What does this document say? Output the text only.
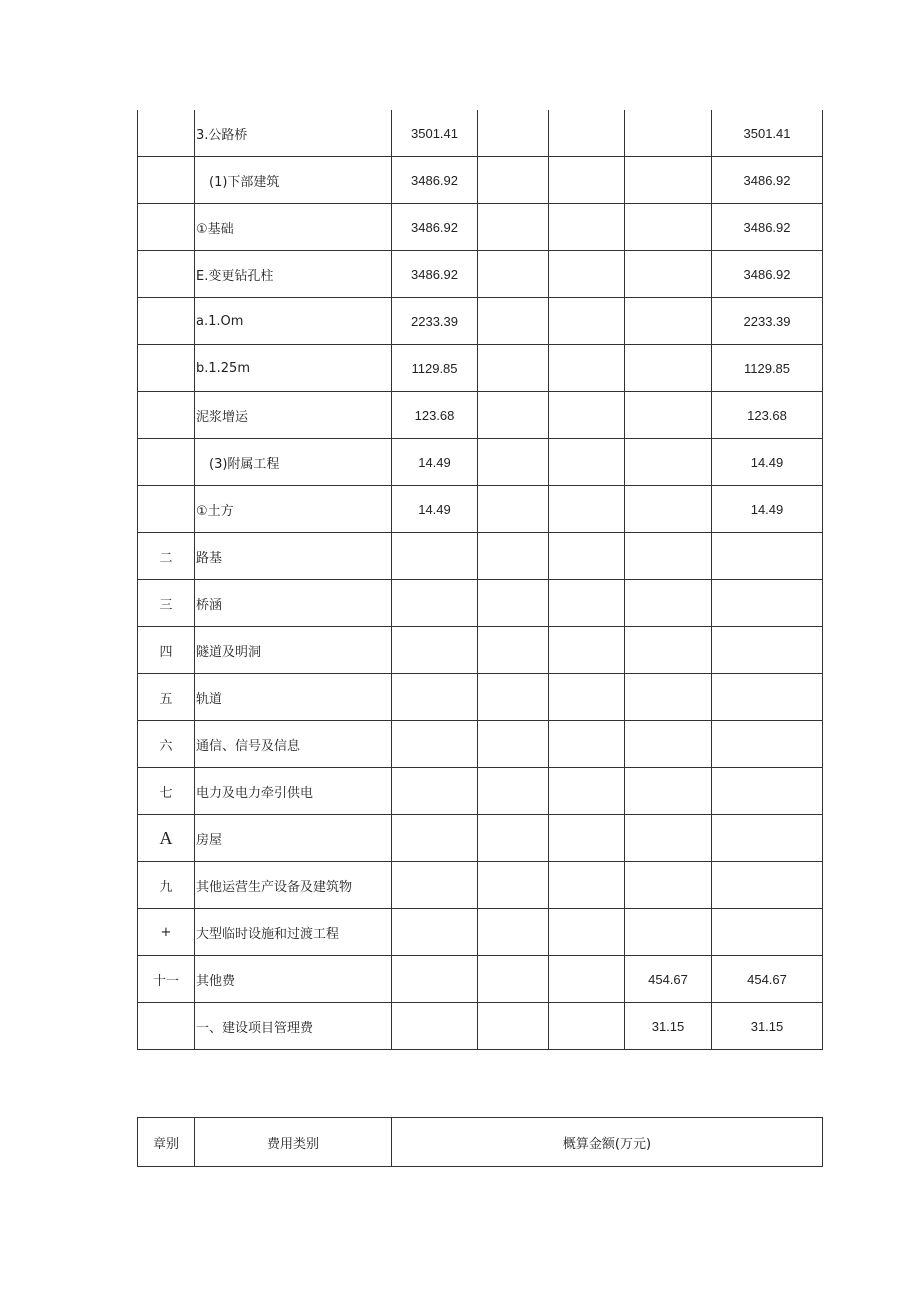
	3.公路桥	3501.41				3501.41
	(1)下部建筑	3486.92				3486.92
	①基础	3486.92				3486.92
	E.变更钻孔柱	3486.92				3486.92
	a.1.Om	2233.39				2233.39
	b.1.25m	1129.85				1129.85
	泥浆增运	123.68				123.68
	(3)附属工程	14.49				14.49
	①土方	14.49				14.49
二	路基					
三	桥涵					
四	隧道及明洞					
五	轨道					
六	通信、信号及信息					
七	电力及电力牵引供电					
A	房屋					
九	其他运营生产设备及建筑物					
+	大型临时设施和过渡工程					
十一	其他费				454.67	454.67
	一、建设项目管理费				31.15	31.15
章别	费用类别	概算金额(万元)
